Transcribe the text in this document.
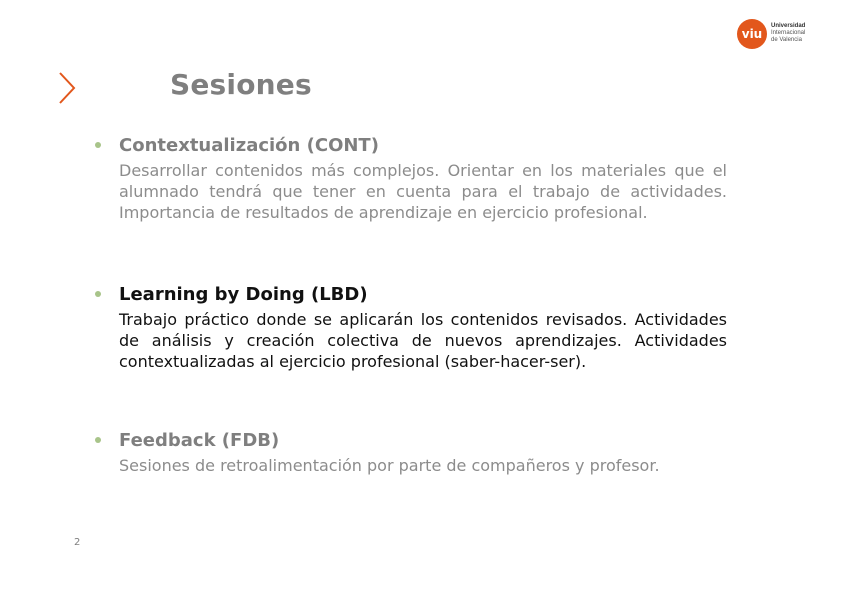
Sesiones
viu
Universidad
Internacional
de Valencia
Contextualización (CONT)
Desarrollar contenidos más complejos. Orientar en los materiales que el alumnado tendrá que tener en cuenta para el trabajo de actividades. Importancia de resultados de aprendizaje en ejercicio profesional.
Learning by Doing (LBD)
Trabajo práctico donde se aplicarán los contenidos revisados. Actividades de análisis y creación colectiva de nuevos aprendizajes. Actividades contextualizadas al ejercicio profesional (saber-hacer-ser).
Feedback (FDB)
Sesiones de retroalimentación por parte de compañeros y profesor.
2
